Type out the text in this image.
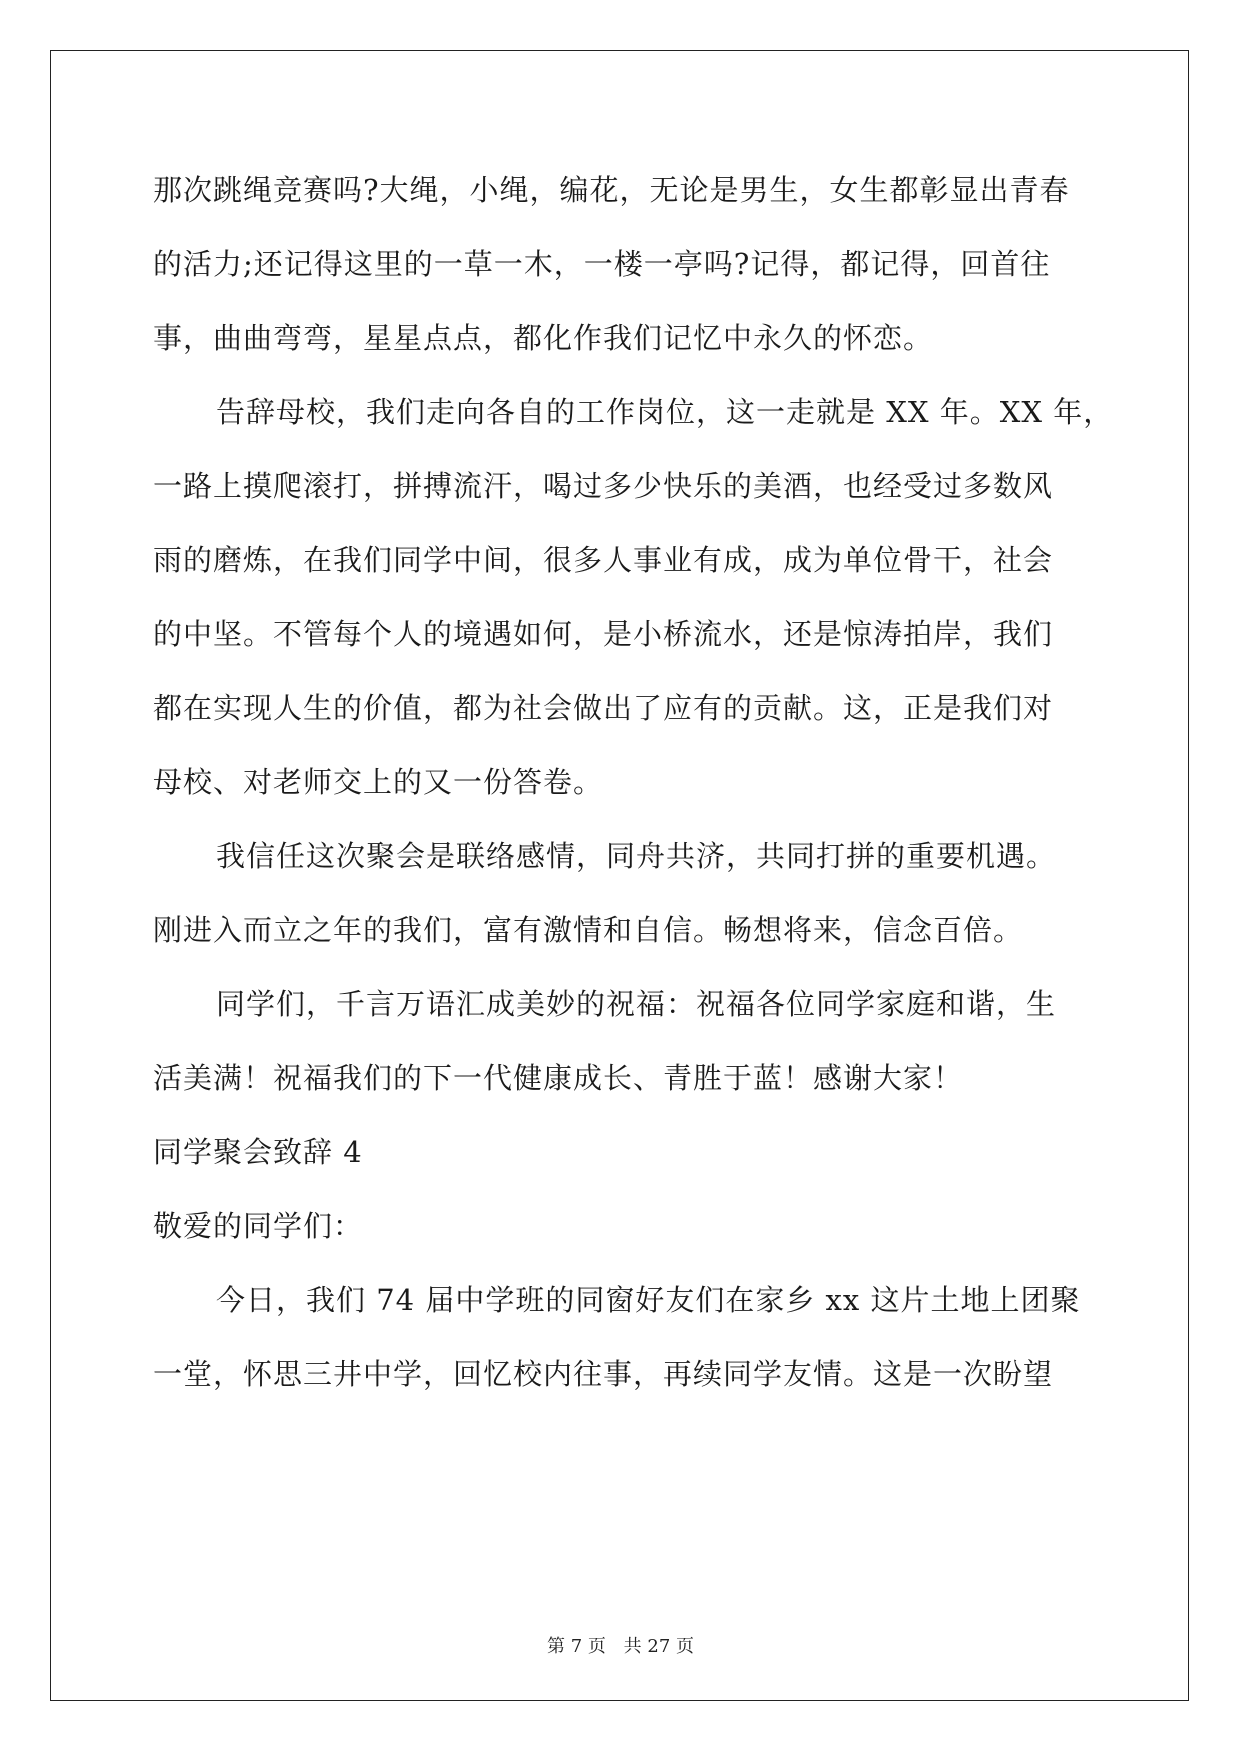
那次跳绳竞赛吗?大绳，小绳，编花，无论是男生，女生都彰显出青春
的活力;还记得这里的一草一木，一楼一亭吗?记得，都记得，回首往
事，曲曲弯弯，星星点点，都化作我们记忆中永久的怀恋。
告辞母校，我们走向各自的工作岗位，这一走就是 XX 年。XX 年，
一路上摸爬滚打，拼搏流汗，喝过多少快乐的美酒，也经受过多数风
雨的磨炼，在我们同学中间，很多人事业有成，成为单位骨干，社会
的中坚。不管每个人的境遇如何，是小桥流水，还是惊涛拍岸，我们
都在实现人生的价值，都为社会做出了应有的贡献。这，正是我们对
母校、对老师交上的又一份答卷。
我信任这次聚会是联络感情，同舟共济，共同打拼的重要机遇。
刚进入而立之年的我们，富有激情和自信。畅想将来，信念百倍。
同学们，千言万语汇成美妙的祝福：祝福各位同学家庭和谐，生
活美满！祝福我们的下一代健康成长、青胜于蓝！感谢大家！
同学聚会致辞 4
敬爱的同学们：
今日，我们 74 届中学班的同窗好友们在家乡 xx 这片土地上团聚
一堂，怀思三井中学，回忆校内往事，再续同学友情。这是一次盼望
第 7 页 共 27 页
